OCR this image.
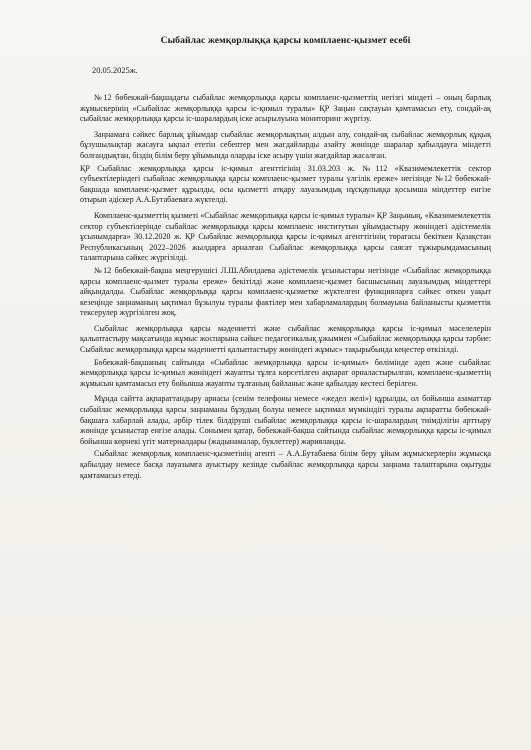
Сыбайлас жемқорлыққа қарсы комплаенс-қызмет есебі
20.05.2025ж.

№12 бөбекжай-бақшадағы сыбайлас жемқорлыққа қарсы комплаенс-қызметтің негізгі міндеті – оның барлық жұмыскерінің «Сыбайлас жемқорлыққа қарсы іс-қимыл туралы» ҚР Заңын сақтауын қамтамасыз ету, сондай-ақ сыбайлас жемқорлыққа қарсы іс-шаралардың іске асырылуына мониторинг жүргізу.

Заңнамаға сәйкес барлық ұйымдар сыбайлас жемқорлықтың алдын алу, сондай-ақ сыбайлас жемқорлық құқық бұзушылықтар жасауға ықпал ететін себептер мен жағдайларды азайту жөнінде шаралар қабылдауға міндетті болғандықтан, біздің білім беру ұйымында оларды іске асыру үшін жағдайлар жасалған.

ҚР Сыбайлас жемқорлыққа қарсы іс-қимыл агенттігінің 31.03.203 ж. №112 «Квазимемлекеттік сектор субъектілеріндегі сыбайлас жемқорлыққа қарсы комплаенс-қызмет туралы үлгілік ереже» негізінде №12 бөбекжай-бақшада комплаенс-қызмет құрылды, осы қызметті атқару лауазымдық нұсқаулыққа қосымша міндеттер енгізе отырып әдіскер А.А.Бутабаеваға жүктелді.

Комплаенс-қызметтің қызметі «Сыбайлас жемқорлыққа қарсы іс-қимыл туралы» ҚР Заңының, «Квазимемлекеттік сектор субъектілерінде сыбайлас жемқорлыққа қарсы комплаенс институтын ұйымдастыру жөніндегі әдістемелік ұсынымдарға» 30.12.2020 ж. ҚР Сыбайлас жемқорлыққа қарсы іс-қимыл агенттігінің төрағасы бекіткен Қазақстан Республикасының 2022–2026 жылдарға арналған Сыбайлас жемқорлыққа қарсы саясат тұжырымдамасының талаптарына сәйкес жүргізілді.

№12 бөбекжай-бақша меңгерушісі Л.Ш.Абилдаева әдістемелік ұсыныстары негізінде «Сыбайлас жемқорлыққа қарсы комплаенс-қызмет туралы ереже» бекітілді және комплаенс-қызмет басшысының лауазымдық міндеттері айқындалды. Сыбайлас жемқорлыққа қарсы комплаенс-қызметке жүктелген функцияларға сәйкес өткен уақыт кезеңінде заңнаманың ықтимал бұзылуы туралы фактілер мен хабарламалардың болмауына байланысты қызметтік тексерулер жүргізілген жоқ.

Сыбайлас жемқорлыққа қарсы мәдениетті және сыбайлас жемқорлыққа қарсы іс-қимыл мәселелерін қалыптастыру мақсатында жұмыс жоспарына сәйкес педагогикалық ұжыммен «Сыбайлас жемқорлыққа қарсы тәрбие: Сыбайлас жемқорлыққа қарсы мәдениетті қалыптастыру жөніндегі жұмыс» тақырыбында кеңестер өткізілді.

Бөбекжай-бақшаның сайтында «Сыбайлас жемқорлыққа қарсы іс-қимыл» бөлімінде әдеп және сыбайлас жемқорлыққа қарсы іс-қимыл жөніндегі жауапты тұлға көрсетілген ақпарат орналастырылған, комплаенс-қызметтің жұмысын қамтамасыз ету бойынша жауапты тұлғаның байланыс және қабылдау кестесі берілген.

Мұнда сайтта ақпараттандыру арнасы (сенім телефоны немесе «жедел желі») құрылды, ол бойынша азаматтар сыбайлас жемқорлыққа қарсы заңнаманы бұзудың болуы немесе ықтимал мүмкіндігі туралы ақпаратты бөбекжай-бақшаға хабарлай алады, әрбір тілек білдіруші сыбайлас жемқорлыққа қарсы іс-шаралардың тиімділігін арттыру жөнінде ұсыныстар енгізе алады. Сонымен қатар, бөбекжай-бақша сайтында сыбайлас жемқорлыққа қарсы іс-қимыл бойынша көрнекі үгіт материалдары (жадынамалар, буклеттер) жарияланды.

Сыбайлас жемқорлық комплаенс-қызметінің агенті – А.А.Бутабаева білім беру ұйым жұмыскерлерін жұмысқа қабылдау немесе басқа лауазымға ауыстыру кезінде сыбайлас жемқорлыққа қарсы заңнама талаптарына оқытуды қамтамасыз етеді.
